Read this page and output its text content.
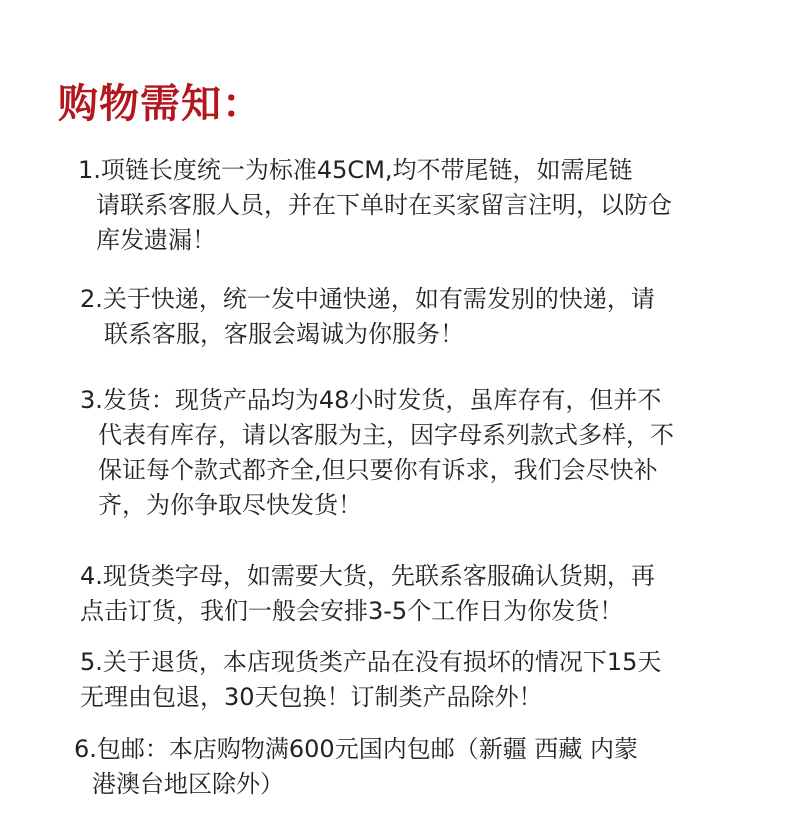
购物需知：
1.项链长度统一为标准45CM,均不带尾链，如需尾链
请联系客服人员，并在下单时在买家留言注明，以防仓
库发遗漏！
2.关于快递，统一发中通快递，如有需发别的快递，请
联系客服，客服会竭诚为你服务！
3.发货：现货产品均为48小时发货，虽库存有，但并不
代表有库存，请以客服为主，因字母系列款式多样，不
保证每个款式都齐全,但只要你有诉求，我们会尽快补
齐，为你争取尽快发货！
4.现货类字母，如需要大货，先联系客服确认货期，再
点击订货，我们一般会安排3-5个工作日为你发货！
5.关于退货，本店现货类产品在没有损坏的情况下15天
无理由包退，30天包换！订制类产品除外！
6.包邮：本店购物满600元国内包邮（新疆 西藏 内蒙
港澳台地区除外）
